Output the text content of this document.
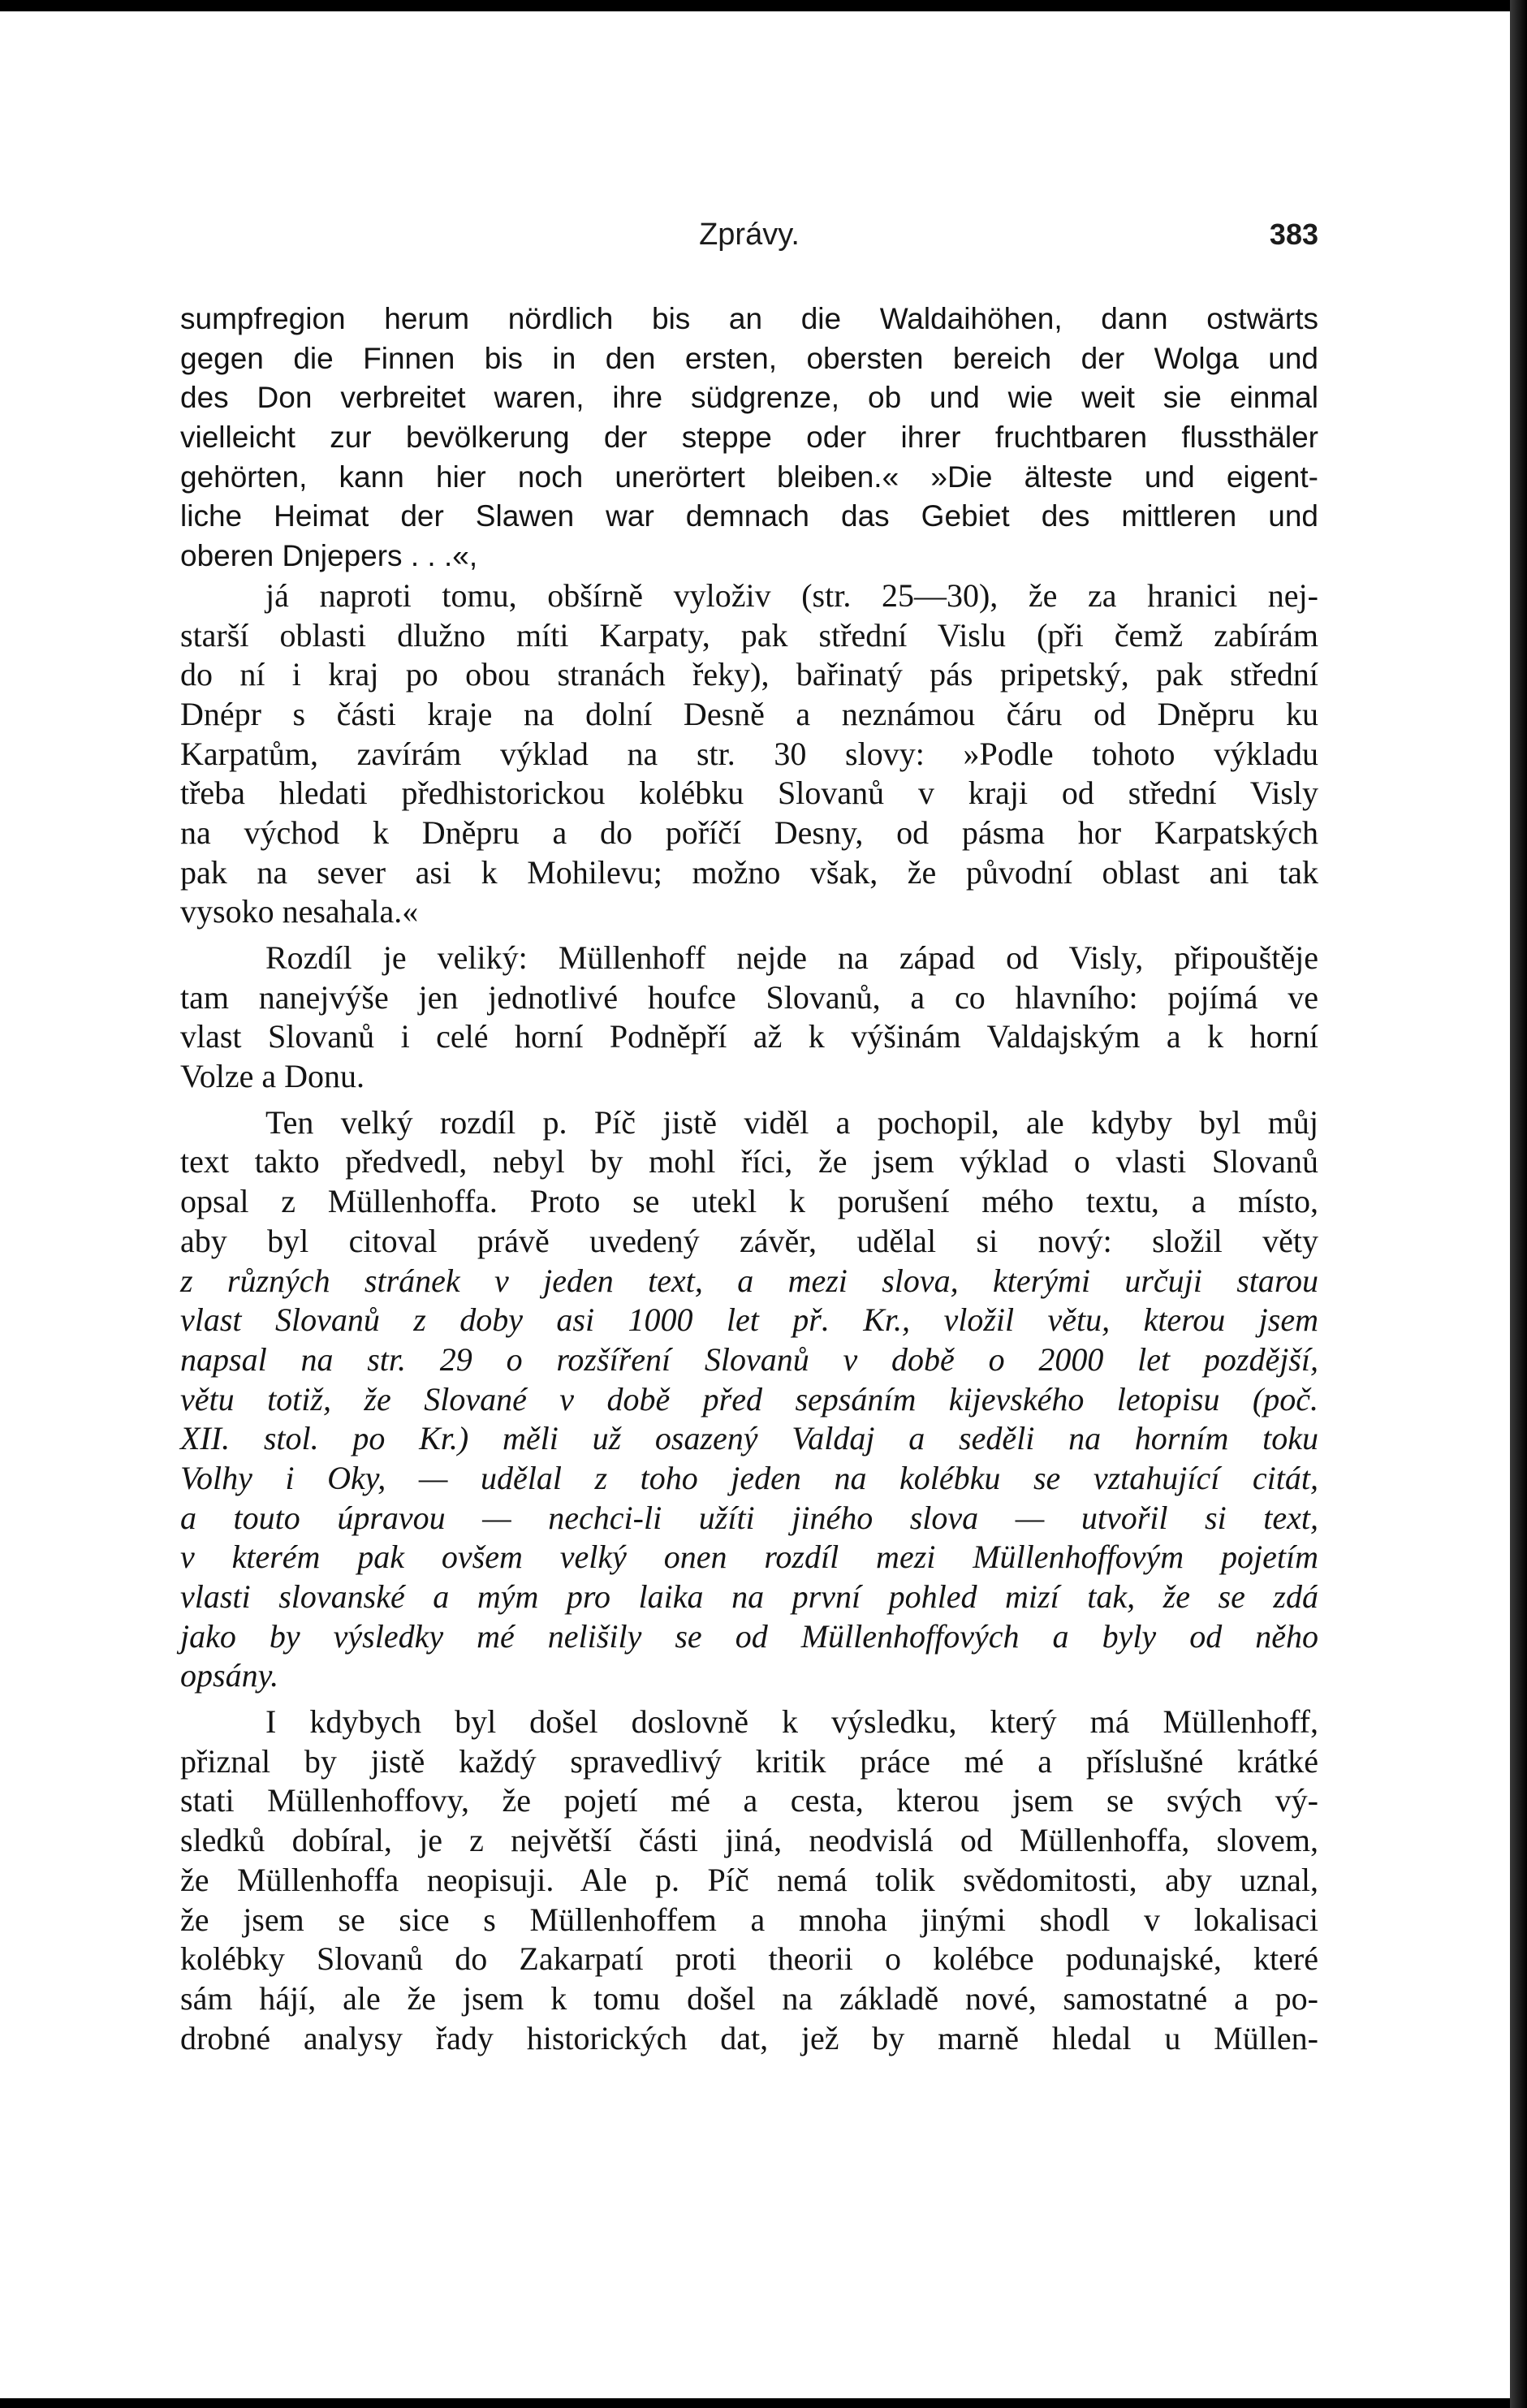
Zprávy.	383
sumpfregion herum nördlich bis an die Waldaihöhen, dann ostwärts
gegen die Finnen bis in den ersten, obersten bereich der Wolga und
des Don verbreitet waren, ihre südgrenze, ob und wie weit sie einmal
vielleicht zur bevölkerung der steppe oder ihrer fruchtbaren flussthäler
gehörten, kann hier noch unerörtert bleiben.« »Die älteste und eigent-
liche Heimat der Slawen war demnach das Gebiet des mittleren und
oberen Dnjepers . . .«,
já naproti tomu, obšírně vyloživ (str. 25—30), že za hranici nej-
starší oblasti dlužno míti Karpaty, pak střední Vislu (při čemž zabírám
do ní i kraj po obou stranách řeky), bařinatý pás pripetský, pak střední
Dnépr s části kraje na dolní Desně a neznámou čáru od Dněpru ku
Karpatům, zavírám výklad na str. 30 slovy: »Podle tohoto výkladu
třeba hledati předhistorickou kolébku Slovanů v kraji od střední Visly
na východ k Dněpru a do poříčí Desny, od pásma hor Karpatských
pak na sever asi k Mohilevu; možno však, že původní oblast ani tak
vysoko nesahala.«
Rozdíl je veliký: Müllenhoff nejde na západ od Visly, připouštěje
tam nanejvýše jen jednotlivé houfce Slovanů, a co hlavního: pojímá ve
vlast Slovanů i celé horní Podněpří až k výšinám Valdajským a k horní
Volze a Donu.
Ten velký rozdíl p. Píč jistě viděl a pochopil, ale kdyby byl můj
text takto předvedl, nebyl by mohl říci, že jsem výklad o vlasti Slovanů
opsal z Müllenhoffa. Proto se utekl k porušení mého textu, a místo,
aby byl citoval právě uvedený závěr, udělal si nový: složil věty
z různých stránek v jeden text, a mezi slova, kterými určuji starou
vlast Slovanů z doby asi 1000 let př. Kr., vložil větu, kterou jsem
napsal na str. 29 o rozšíření Slovanů v době o 2000 let pozdější,
větu totiž, že Slované v době před sepsáním kijevského letopisu (poč.
XII. stol. po Kr.) měli už osazený Valdaj a seděli na horním toku
Volhy i Oky, — udělal z toho jeden na kolébku se vztahující citát,
a touto úpravou — nechci-li užíti jiného slova — utvořil si text,
v kterém pak ovšem velký onen rozdíl mezi Müllenhoffovým pojetím
vlasti slovanské a mým pro laika na první pohled mizí tak, že se zdá
jako by výsledky mé nelišily se od Müllenhoffových a byly od něho
opsány.
I kdybych byl došel doslovně k výsledku, který má Müllenhoff,
přiznal by jistě každý spravedlivý kritik práce mé a příslušné krátké
stati Müllenhoffovy, že pojetí mé a cesta, kterou jsem se svých vý-
sledků dobíral, je z největší části jiná, neodvislá od Müllenhoffa, slovem,
že Müllenhoffa neopisuji. Ale p. Píč nemá tolik svědomitosti, aby uznal,
že jsem se sice s Müllenhoffem a mnoha jinými shodl v lokalisaci
kolébky Slovanů do Zakarpatí proti theorii o kolébce podunajské, které
sám hájí, ale že jsem k tomu došel na základě nové, samostatné a po-
drobné analysy řady historických dat, jež by marně hledal u Müllen-
